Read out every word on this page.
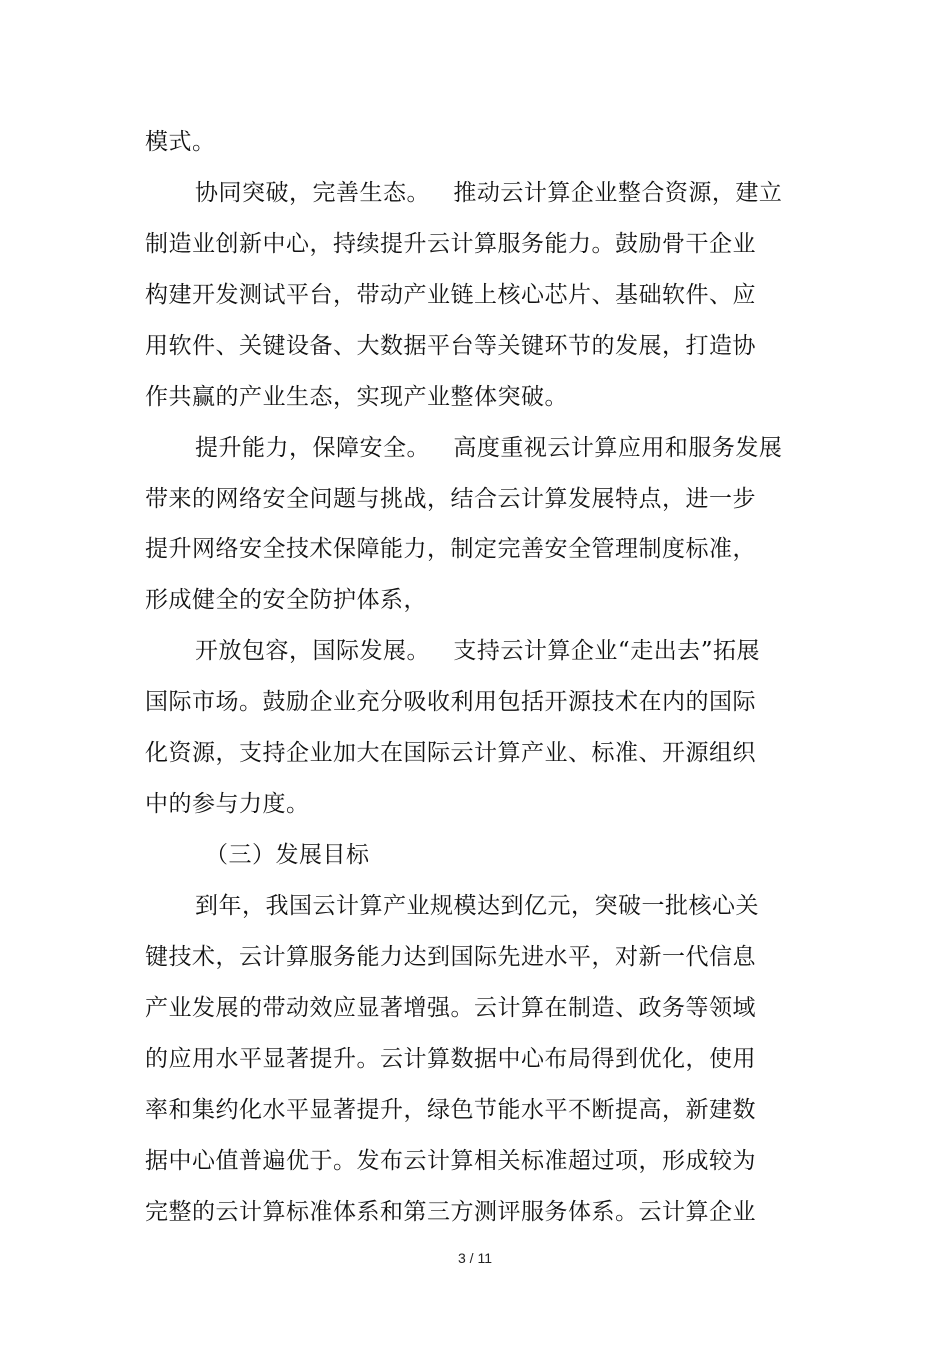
模式。
协同突破，完善生态。   推动云计算企业整合资源，建立
制造业创新中心，持续提升云计算服务能力。鼓励骨干企业
构建开发测试平台，带动产业链上核心芯片、基础软件、应
用软件、关键设备、大数据平台等关键环节的发展，打造协
作共赢的产业生态，实现产业整体突破。
提升能力，保障安全。   高度重视云计算应用和服务发展
带来的网络安全问题与挑战，结合云计算发展特点，进一步
提升网络安全技术保障能力，制定完善安全管理制度标准，
形成健全的安全防护体系，
开放包容，国际发展。   支持云计算企业“走出去”拓展
国际市场。鼓励企业充分吸收利用包括开源技术在内的国际
化资源，支持企业加大在国际云计算产业、标准、开源组织
中的参与力度。
（三）发展目标
到年，我国云计算产业规模达到亿元，突破一批核心关
键技术，云计算服务能力达到国际先进水平，对新一代信息
产业发展的带动效应显著增强。云计算在制造、政务等领域
的应用水平显著提升。云计算数据中心布局得到优化，使用
率和集约化水平显著提升，绿色节能水平不断提高，新建数
据中心值普遍优于。发布云计算相关标准超过项，形成较为
完整的云计算标准体系和第三方测评服务体系。云计算企业
3 / 11
